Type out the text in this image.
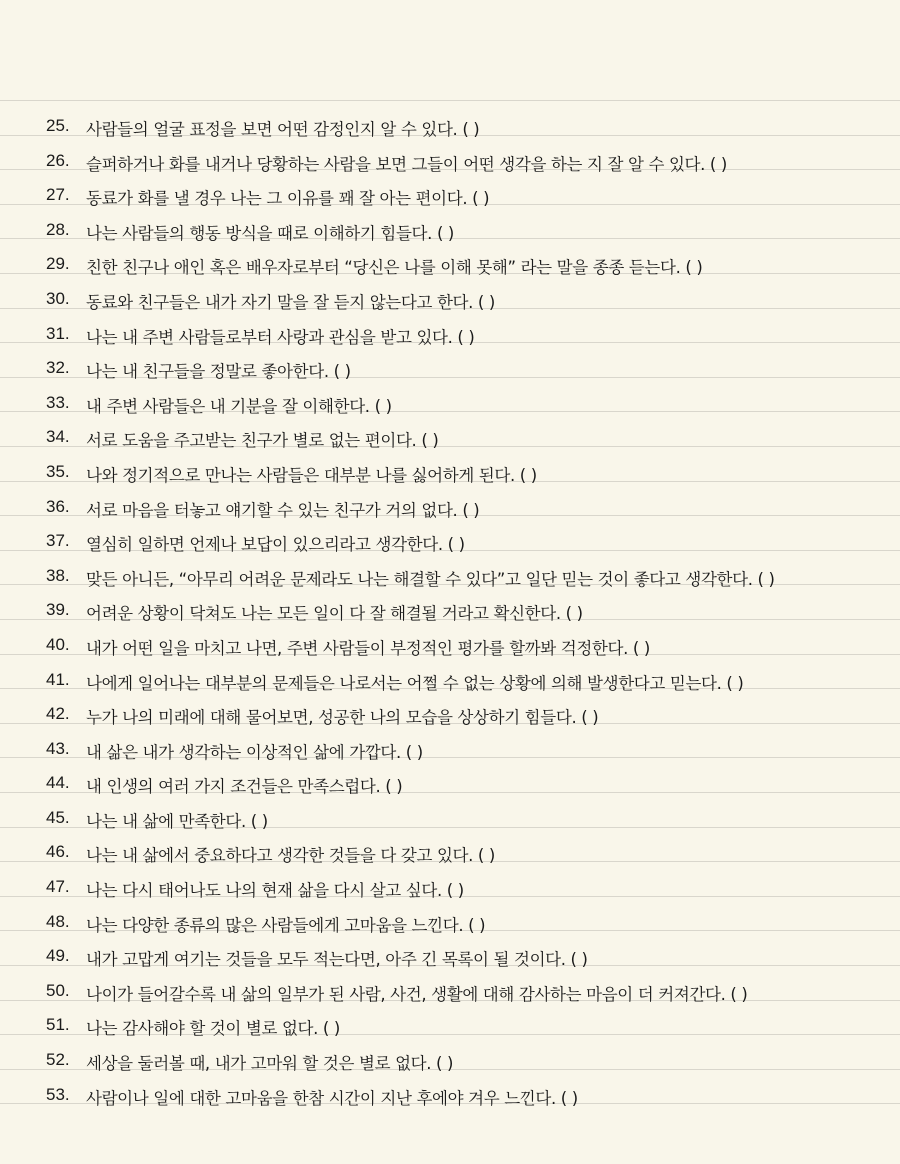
25. 사람들의 얼굴 표정을 보면 어떤 감정인지 알 수 있다. ( )
26. 슬퍼하거나 화를 내거나 당황하는 사람을 보면 그들이 어떤 생각을 하는 지 잘 알 수 있다. ( )
27. 동료가 화를 낼 경우 나는 그 이유를 꽤 잘 아는 편이다. ( )
28. 나는 사람들의 행동 방식을 때로 이해하기 힘들다. ( )
29. 친한 친구나 애인 혹은 배우자로부터 “당신은 나를 이해 못해” 라는 말을 종종 듣는다. ( )
30. 동료와 친구들은 내가 자기 말을 잘 듣지 않는다고 한다. ( )
31. 나는 내 주변 사람들로부터 사랑과 관심을 받고 있다. ( )
32. 나는 내 친구들을 정말로 좋아한다. ( )
33. 내 주변 사람들은 내 기분을 잘 이해한다. ( )
34. 서로 도움을 주고받는 친구가 별로 없는 편이다. ( )
35. 나와 정기적으로 만나는 사람들은 대부분 나를 싫어하게 된다. ( )
36. 서로 마음을 터놓고 얘기할 수 있는 친구가 거의 없다. ( )
37. 열심히 일하면 언제나 보답이 있으리라고 생각한다. ( )
38. 맞든 아니든, “아무리 어려운 문제라도 나는 해결할 수 있다”고 일단 믿는 것이 좋다고 생각한다. ( )
39. 어려운 상황이 닥쳐도 나는 모든 일이 다 잘 해결될 거라고 확신한다. ( )
40. 내가 어떤 일을 마치고 나면, 주변 사람들이 부정적인 평가를 할까봐 걱정한다. ( )
41. 나에게 일어나는 대부분의 문제들은 나로서는 어쩔 수 없는 상황에 의해 발생한다고 믿는다. ( )
42. 누가 나의 미래에 대해 물어보면, 성공한 나의 모습을 상상하기 힘들다. ( )
43. 내 삶은 내가 생각하는 이상적인 삶에 가깝다. ( )
44. 내 인생의 여러 가지 조건들은 만족스럽다. ( )
45. 나는 내 삶에 만족한다. ( )
46. 나는 내 삶에서 중요하다고 생각한 것들을 다 갖고 있다. ( )
47. 나는 다시 태어나도 나의 현재 삶을 다시 살고 싶다. ( )
48. 나는 다양한 종류의 많은 사람들에게 고마움을 느낀다. ( )
49. 내가 고맙게 여기는 것들을 모두 적는다면, 아주 긴 목록이 될 것이다. ( )
50. 나이가 들어갈수록 내 삶의 일부가 된 사람, 사건, 생활에 대해 감사하는 마음이 더 커져간다. ( )
51. 나는 감사해야 할 것이 별로 없다. ( )
52. 세상을 둘러볼 때, 내가 고마워 할 것은 별로 없다. ( )
53. 사람이나 일에 대한 고마움을 한참 시간이 지난 후에야 겨우 느낀다. ( )
